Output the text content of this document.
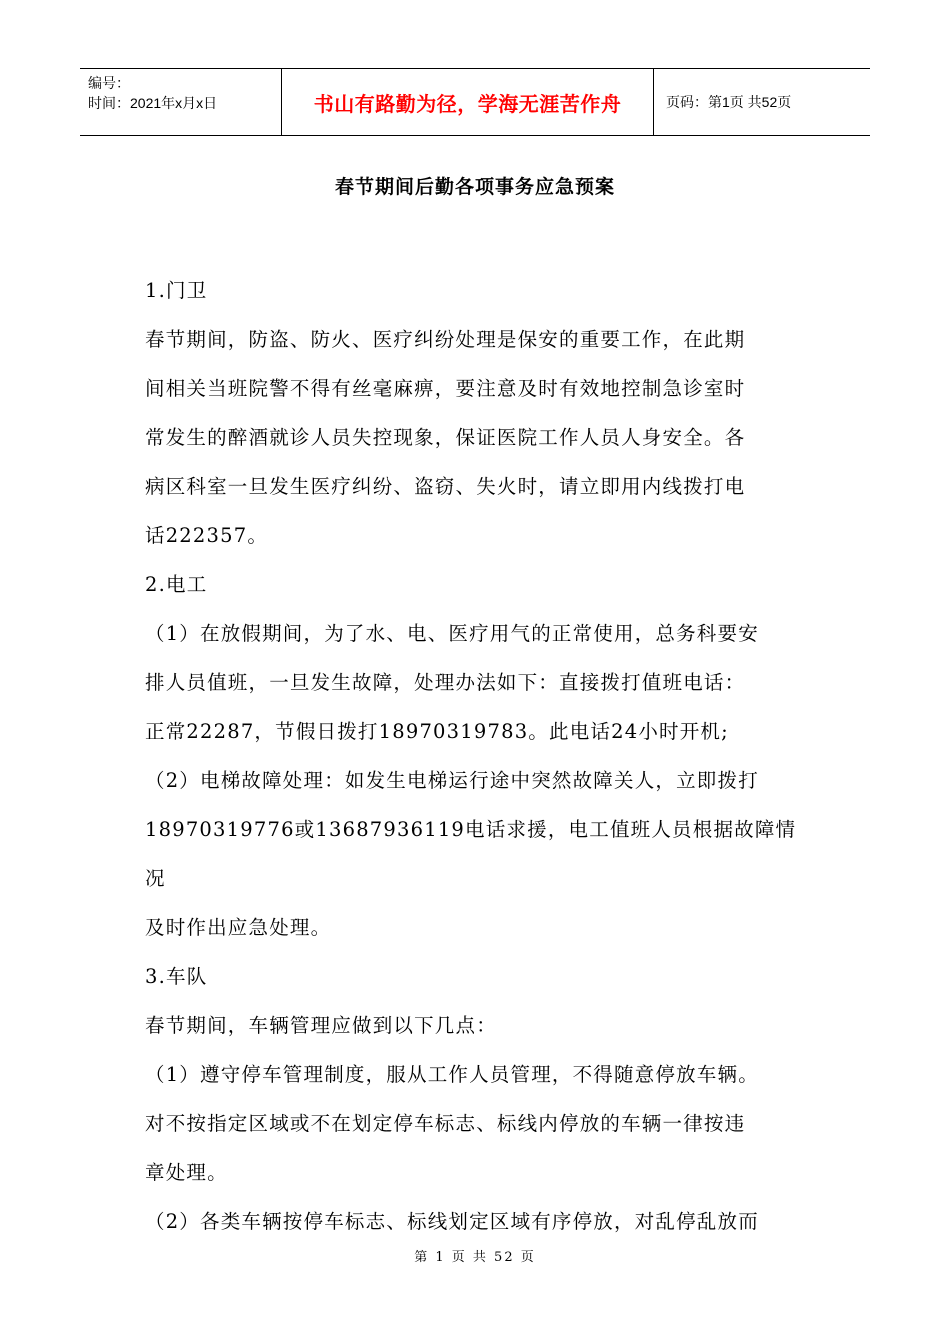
编号：
时间：2021年x月x日	书山有路勤为径，学海无涯苦作舟	页码：第1页 共52页
春节期间后勤各项事务应急预案

1.门卫

春节期间，防盗、防火、医疗纠纷处理是保安的重要工作，在此期

间相关当班院警不得有丝毫麻痹，要注意及时有效地控制急诊室时

常发生的醉酒就诊人员失控现象，保证医院工作人员人身安全。各

病区科室一旦发生医疗纠纷、盗窃、失火时，请立即用内线拨打电

话222357。

2.电工

（1）在放假期间，为了水、电、医疗用气的正常使用，总务科要安

排人员值班，一旦发生故障，处理办法如下：直接拨打值班电话：

正常22287，节假日拨打18970319783。此电话24小时开机;

（2）电梯故障处理：如发生电梯运行途中突然故障关人，立即拨打

18970319776或13687936119电话求援，电工值班人员根据故障情况

及时作出应急处理。

3.车队

春节期间，车辆管理应做到以下几点：

（1）遵守停车管理制度，服从工作人员管理，不得随意停放车辆。

对不按指定区域或不在划定停车标志、标线内停放的车辆一律按违

章处理。

（2）各类车辆按停车标志、标线划定区域有序停放，对乱停乱放而

第 1 页 共 52 页
